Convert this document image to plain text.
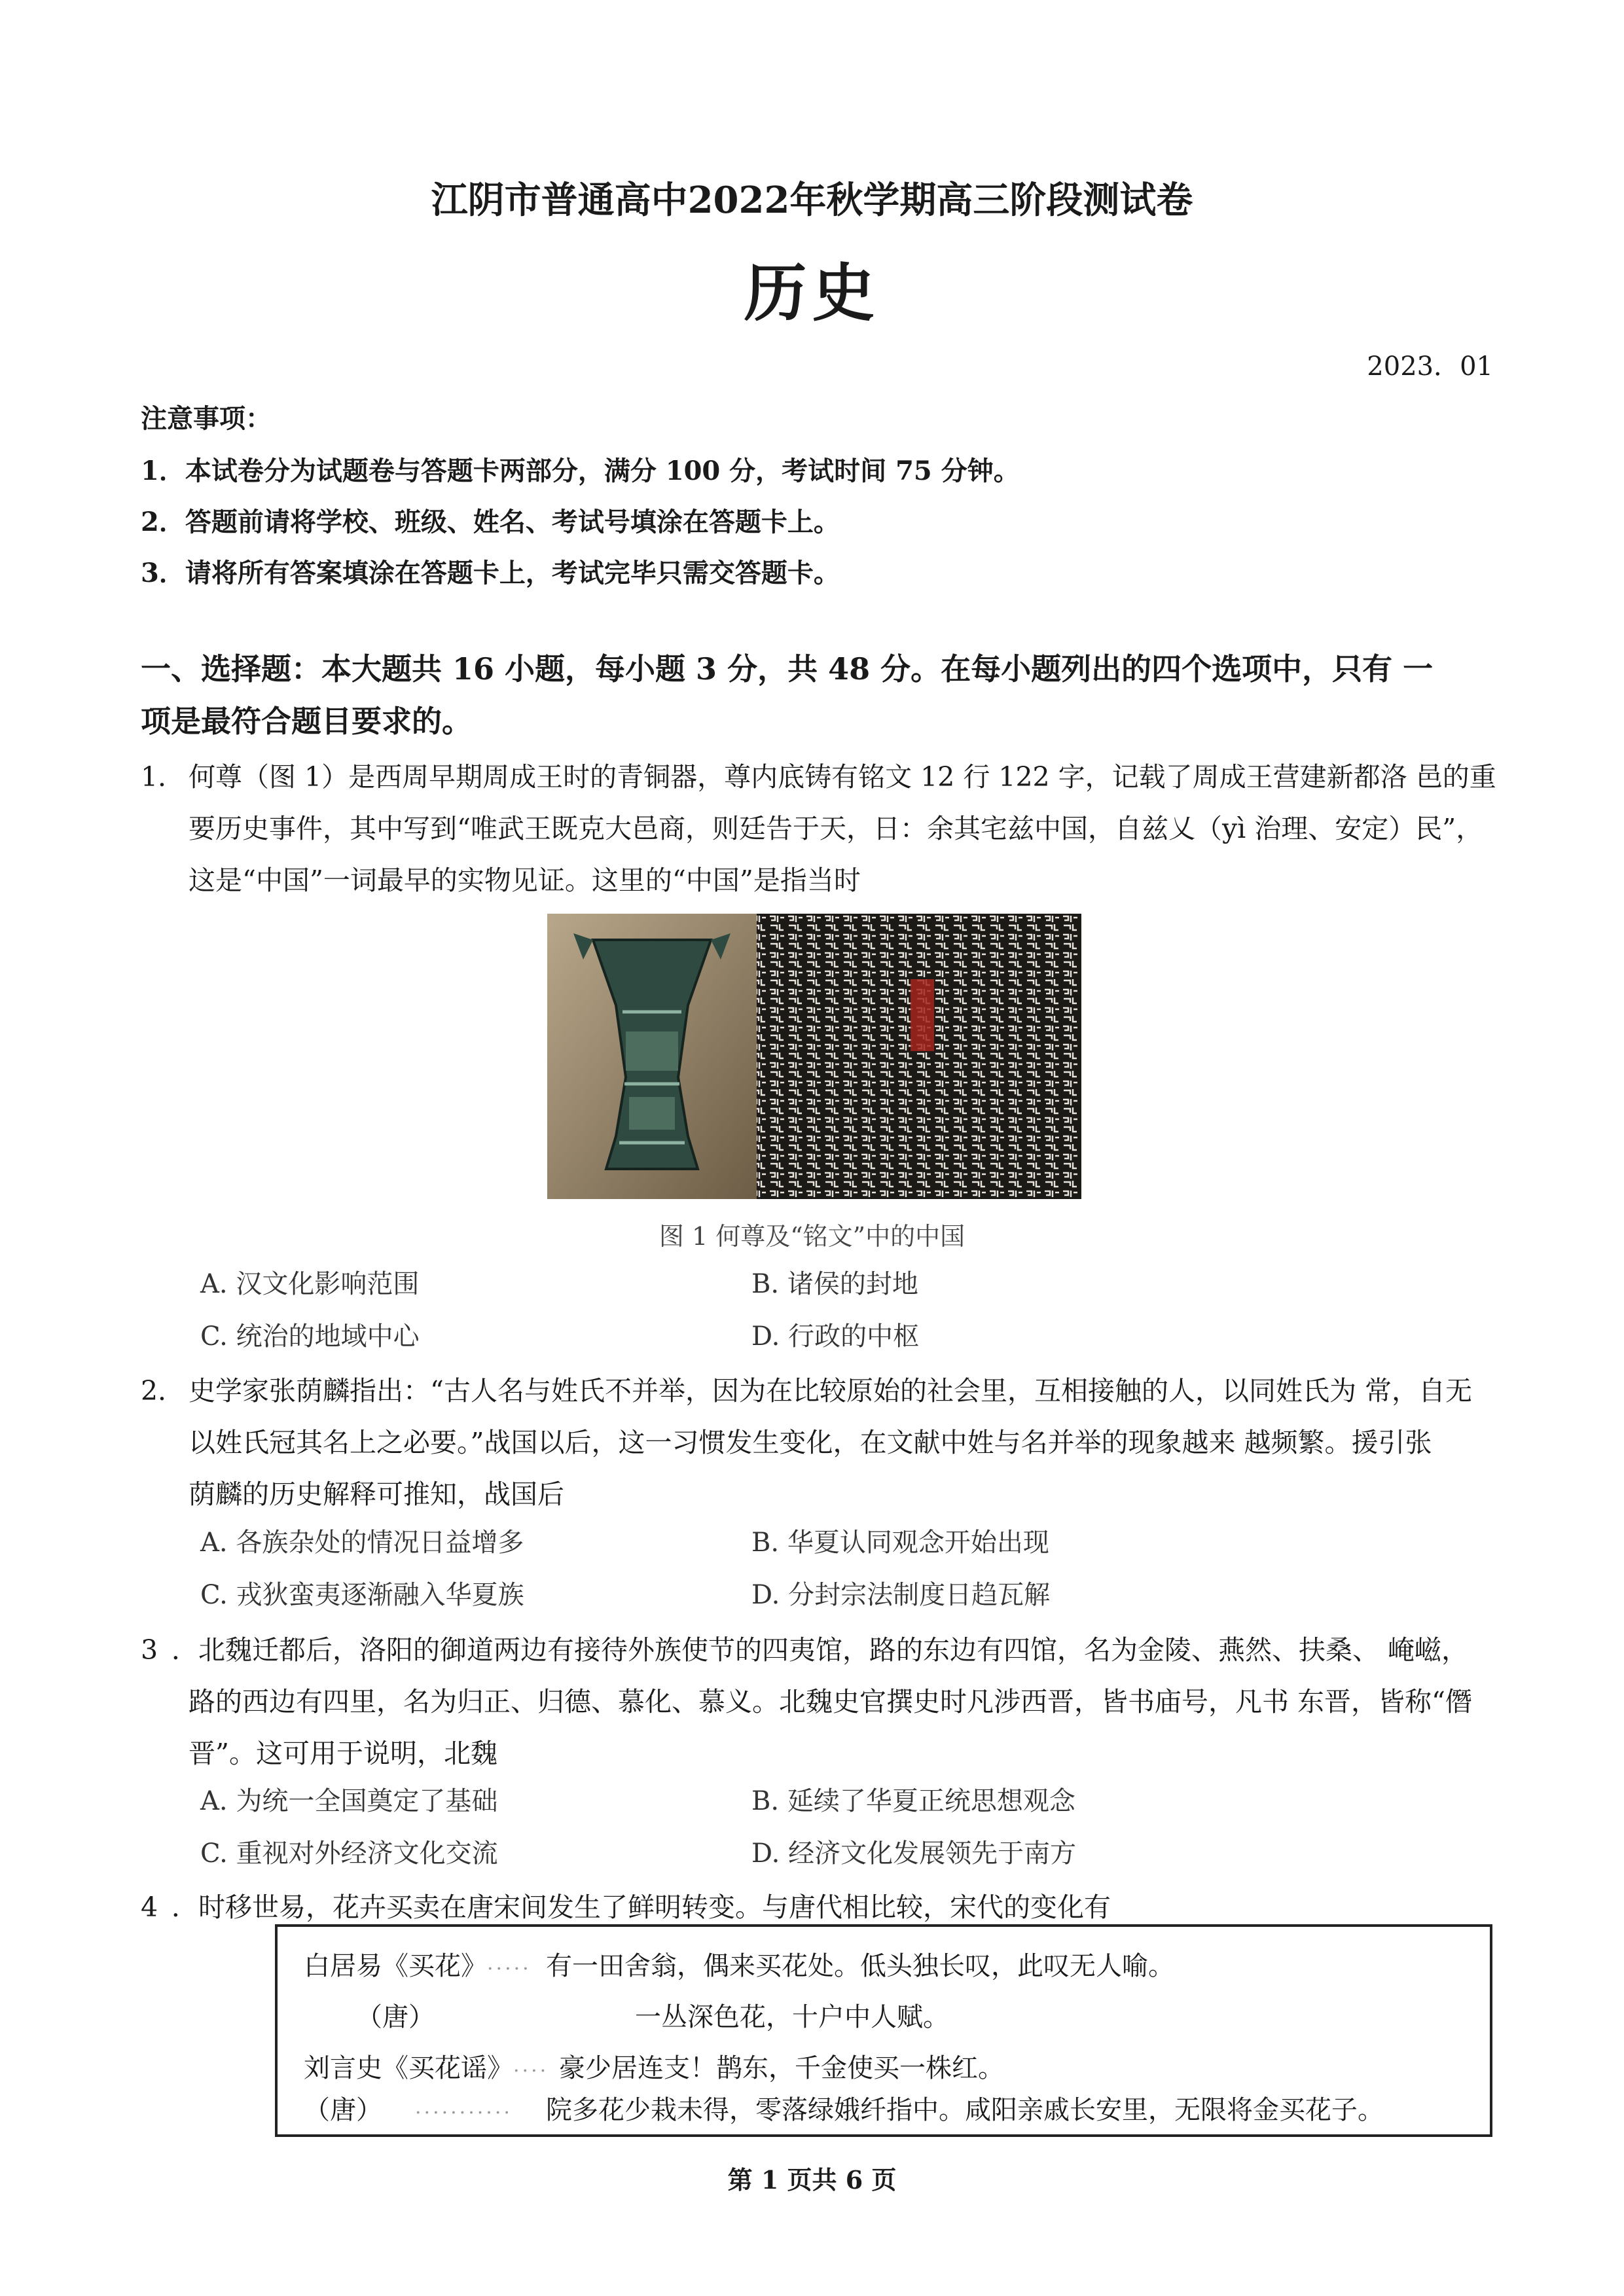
江阴市普通高中2022年秋学期高三阶段测试卷
历史
2023．01
注意事项：
1．本试卷分为试题卷与答题卡两部分，满分 100 分，考试时间 75 分钟。
2．答题前请将学校、班级、姓名、考试号填涂在答题卡上。
3．请将所有答案填涂在答题卡上，考试完毕只需交答题卡。
一、选择题：本大题共 16 小题，每小题 3 分，共 48 分。在每小题列出的四个选项中，只有 一
项是最符合题目要求的。
1． 何尊（图 1）是西周早期周成王时的青铜器，尊内底铸有铭文 12 行 122 字，记载了周成王营建新都洛 邑的重
要历史事件，其中写到“唯武王既克大邑商，则廷告于天，日：余其宅兹中国，自兹乂（yì 治理、安定）民”，
这是“中国”一词最早的实物见证。这里的“中国”是指当时
图 1 何尊及“铭文”中的中国
A. 汉文化影响范围	B. 诸侯的封地
C. 统治的地域中心	D. 行政的中枢
2． 史学家张荫麟指出：“古人名与姓氏不并举，因为在比较原始的社会里，互相接触的人，以同姓氏为 常，自无
以姓氏冠其名上之必要。”战国以后，这一习惯发生变化，在文献中姓与名并举的现象越来 越频繁。援引张
荫麟的历史解释可推知，战国后
A. 各族杂处的情况日益增多	B. 华夏认同观念开始出现
C. 戎狄蛮夷逐渐融入华夏族	D. 分封宗法制度日趋瓦解
3 ．北魏迁都后，洛阳的御道两边有接待外族使节的四夷馆，路的东边有四馆，名为金陵、燕然、扶桑、 崦嵫，
路的西边有四里，名为归正、归德、慕化、慕义。北魏史官撰史时凡涉西晋，皆书庙号，凡书 东晋，皆称“僭
晋”。这可用于说明，北魏
A. 为统一全国奠定了基础	B. 延续了华夏正统思想观念
C. 重视对外经济文化交流	D. 经济文化发展领先于南方
4 ．时移世易，花卉买卖在唐宋间发生了鲜明转变。与唐代相比较，宋代的变化有
白居易《买花》 ..... 有一田舍翁，偶来买花处。低头独长叹，此叹无人喻。
（唐）	一丛深色花，十户中人赋。
刘言史《买花谣》 .... 豪少居连支！鹊东，千金使买一株红。
（唐） ........... 院多花少栽未得，零落绿娥纤指中。咸阳亲戚长安里，无限将金买花子。
第 1 页共 6 页
